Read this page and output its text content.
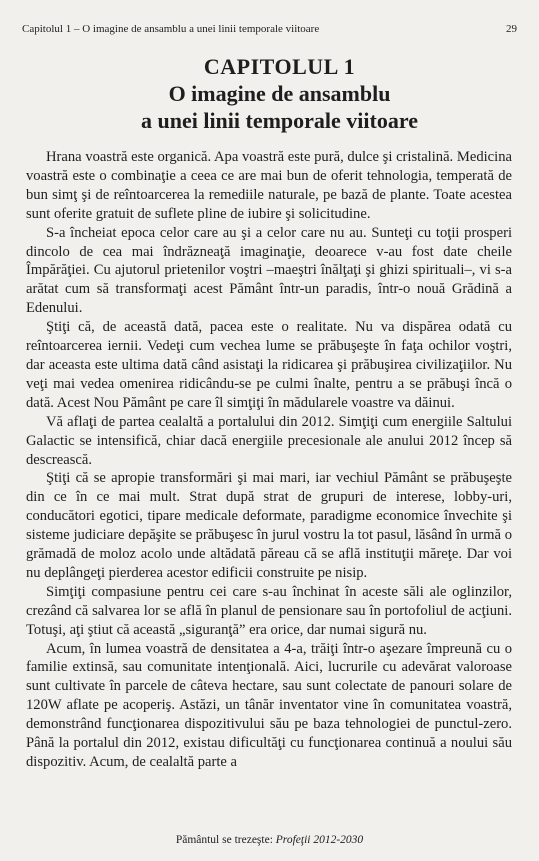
Capitolul 1 – O imagine de ansamblu a unei linii temporale viitoare	29
CAPITOLUL 1
O imagine de ansamblu
a unei linii temporale viitoare

Hrana voastră este organică. Apa voastră este pură, dulce şi cristalină. Medicina voastră este o combinaţie a ceea ce are mai bun de oferit tehnologia, temperată de bun simţ şi de reîntoarcerea la remediile naturale, pe bază de plante. Toate acestea sunt oferite gratuit de suflete pline de iubire şi solicitudine.

S-a încheiat epoca celor care au şi a celor care nu au. Sunteţi cu toţii prosperi dincolo de cea mai îndrăzneaţă imaginaţie, deoarece v-au fost date cheile Împărăţiei. Cu ajutorul prietenilor voştri –maeştri înălţaţi şi ghizi spirituali–, vi s-a arătat cum să transformaţi acest Pământ într-un paradis, într-o nouă Grădină a Edenului.

Ştiţi că, de această dată, pacea este o realitate. Nu va dispărea odată cu reîntoarcerea iernii. Vedeţi cum vechea lume se prăbuşeşte în faţa ochilor voştri, dar aceasta este ultima dată când asistaţi la ridicarea şi prăbuşirea civilizaţiilor. Nu veţi mai vedea omenirea ridicându-se pe culmi înalte, pentru a se prăbuşi încă o dată. Acest Nou Pământ pe care îl simţiţi în mădularele voastre va dăinui.

Vă aflaţi de partea cealaltă a portalului din 2012. Simţiţi cum energiile Saltului Galactic se intensifică, chiar dacă energiile precesionale ale anului 2012 încep să descrească.

Ştiţi că se apropie transformări şi mai mari, iar vechiul Pământ se prăbuşeşte din ce în ce mai mult. Strat după strat de grupuri de interese, lobby-uri, conducători egotici, tipare medicale deformate, paradigme economice învechite şi sisteme judiciare depăşite se prăbuşesc în jurul vostru la tot pasul, lăsând în urmă o grămadă de moloz acolo unde altădată păreau că se află instituţii măreţe. Dar voi nu deplângeţi pierderea acestor edificii construite pe nisip.

Simţiţi compasiune pentru cei care s-au închinat în aceste săli ale oglinzilor, crezând că salvarea lor se află în planul de pensionare sau în portofoliul de acţiuni. Totuşi, aţi ştiut că această „siguranţă” era orice, dar numai sigură nu.

Acum, în lumea voastră de densitatea a 4-a, trăiţi într-o aşezare împreună cu o familie extinsă, sau comunitate intenţională. Aici, lucrurile cu adevărat valoroase sunt cultivate în parcele de câteva hectare, sau sunt colectate de panouri solare de 120W aflate pe acoperiş. Astăzi, un tânăr inventator vine în comunitatea voastră, demonstrând funcţionarea dispozitivului său pe baza tehnologiei de punctul-zero. Până la portalul din 2012, existau dificultăţi cu funcţionarea continuă a noului său dispozitiv. Acum, de cealaltă parte a

Pământul se trezeşte: Profeţii 2012-2030
